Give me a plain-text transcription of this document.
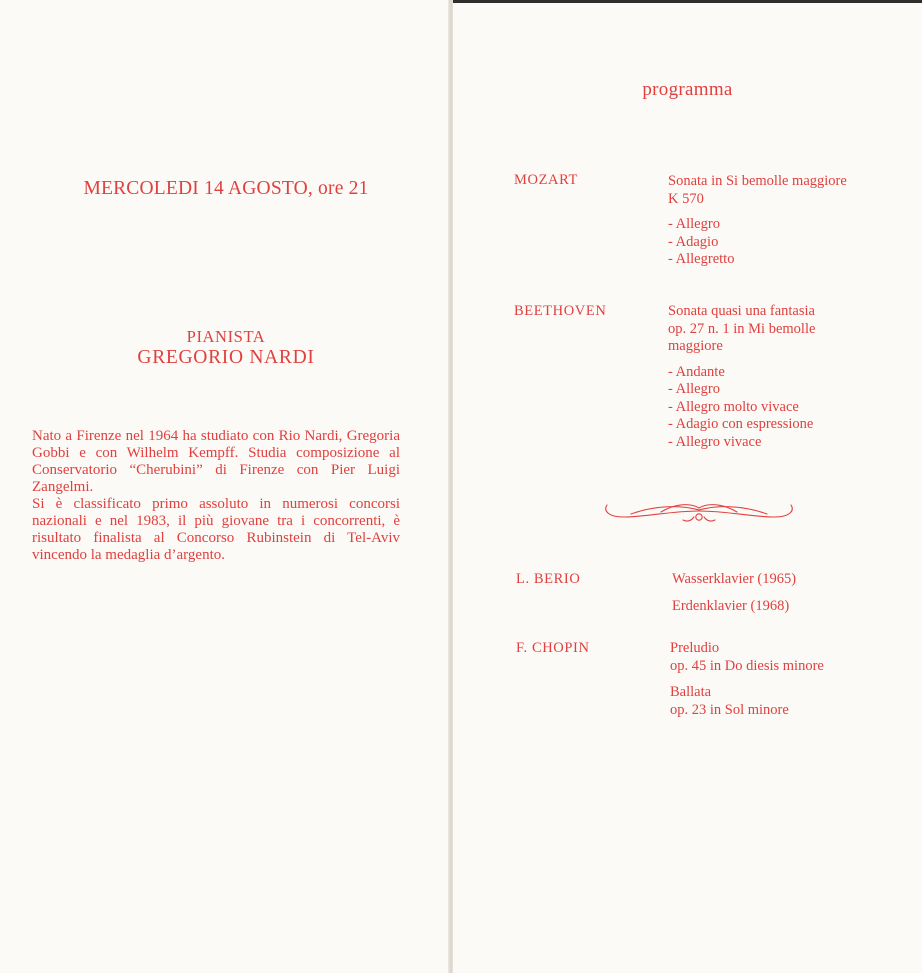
MERCOLEDI 14 AGOSTO, ore 21
PIANISTA
GREGORIO NARDI

Nato a Firenze nel 1964 ha studiato con Rio Nardi, Gregoria Gobbi e con Wilhelm Kempff. Studia composizione al Conservatorio “Cherubini” di Firenze con Pier Luigi Zangelmi.

Si è classificato primo assoluto in numerosi concorsi nazionali e nel 1983, il più giovane tra i concorrenti, è risultato finalista al Concorso Rubinstein di Tel-Aviv vincendo la medaglia d’argento.

programma
MOZART	Sonata in Si bemolle maggiore
K 570
- Allegro
- Adagio
- Allegretto
BEETHOVEN	Sonata quasi una fantasia
op. 27 n. 1 in Mi bemolle
maggiore
- Andante
- Allegro
- Allegro molto vivace
- Adagio con espressione
- Allegro vivace
L. BERIO	Wasserklavier (1965)
Erdenklavier (1968)
F. CHOPIN	Preludio
op. 45 in Do diesis minore
Ballata
op. 23 in Sol minore
